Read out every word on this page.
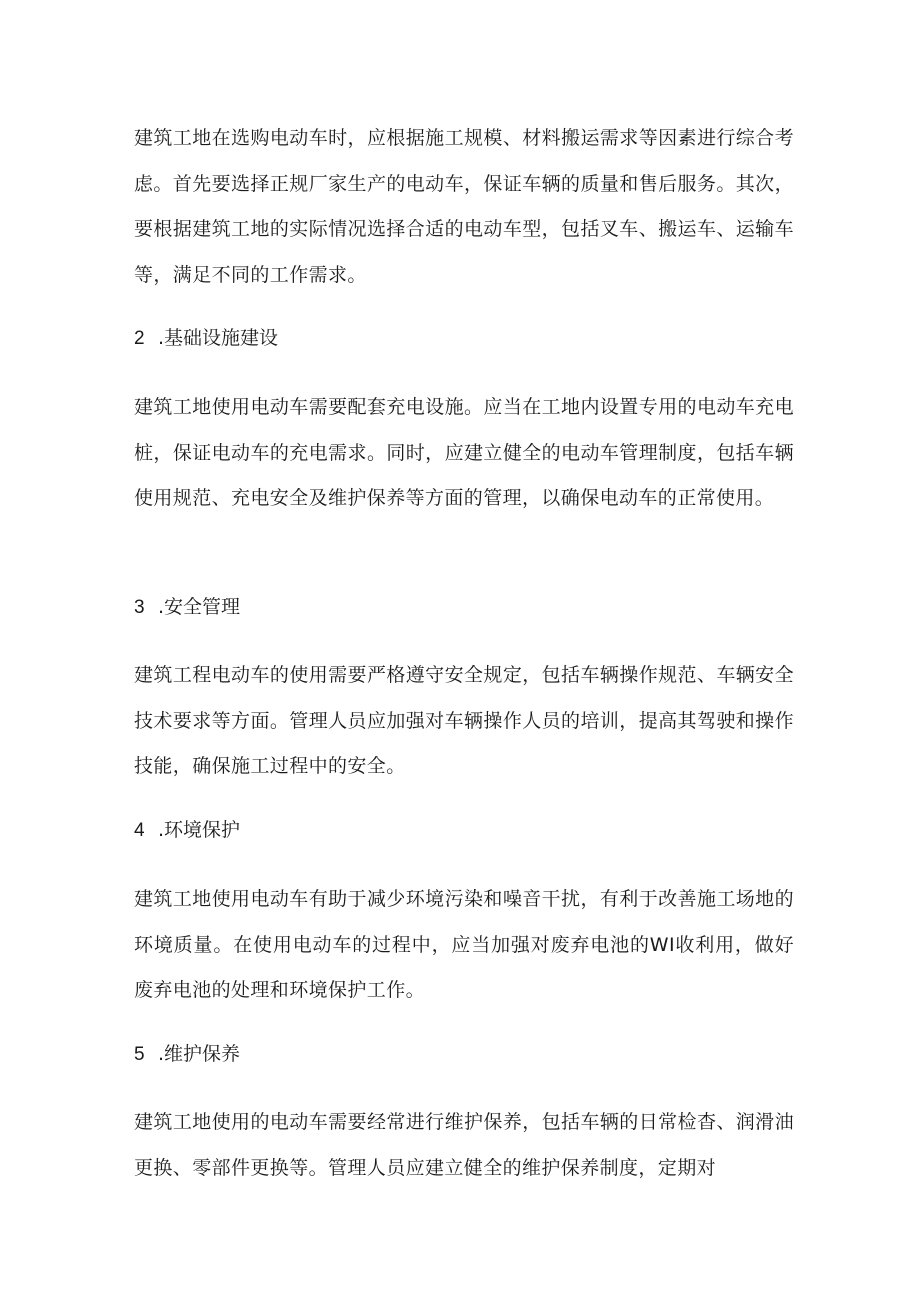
建筑工地在选购电动车时，应根据施工规模、材料搬运需求等因素进行综合考虑。首先要选择正规厂家生产的电动车，保证车辆的质量和售后服务。其次，要根据建筑工地的实际情况选择合适的电动车型，包括叉车、搬运车、运输车等，满足不同的工作需求。

2 .基础设施建设

建筑工地使用电动车需要配套充电设施。应当在工地内设置专用的电动车充电桩，保证电动车的充电需求。同时，应建立健全的电动车管理制度，包括车辆使用规范、充电安全及维护保养等方面的管理，以确保电动车的正常使用。

3 .安全管理

建筑工程电动车的使用需要严格遵守安全规定，包括车辆操作规范、车辆安全技术要求等方面。管理人员应加强对车辆操作人员的培训，提高其驾驶和操作技能，确保施工过程中的安全。

4 .环境保护

建筑工地使用电动车有助于减少环境污染和噪音干扰，有利于改善施工场地的环境质量。在使用电动车的过程中，应当加强对废弃电池的WI收利用，做好废弃电池的处理和环境保护工作。

5 .维护保养

建筑工地使用的电动车需要经常进行维护保养，包括车辆的日常检杳、润滑油更换、零部件更换等。管理人员应建立健全的维护保养制度，定期对
